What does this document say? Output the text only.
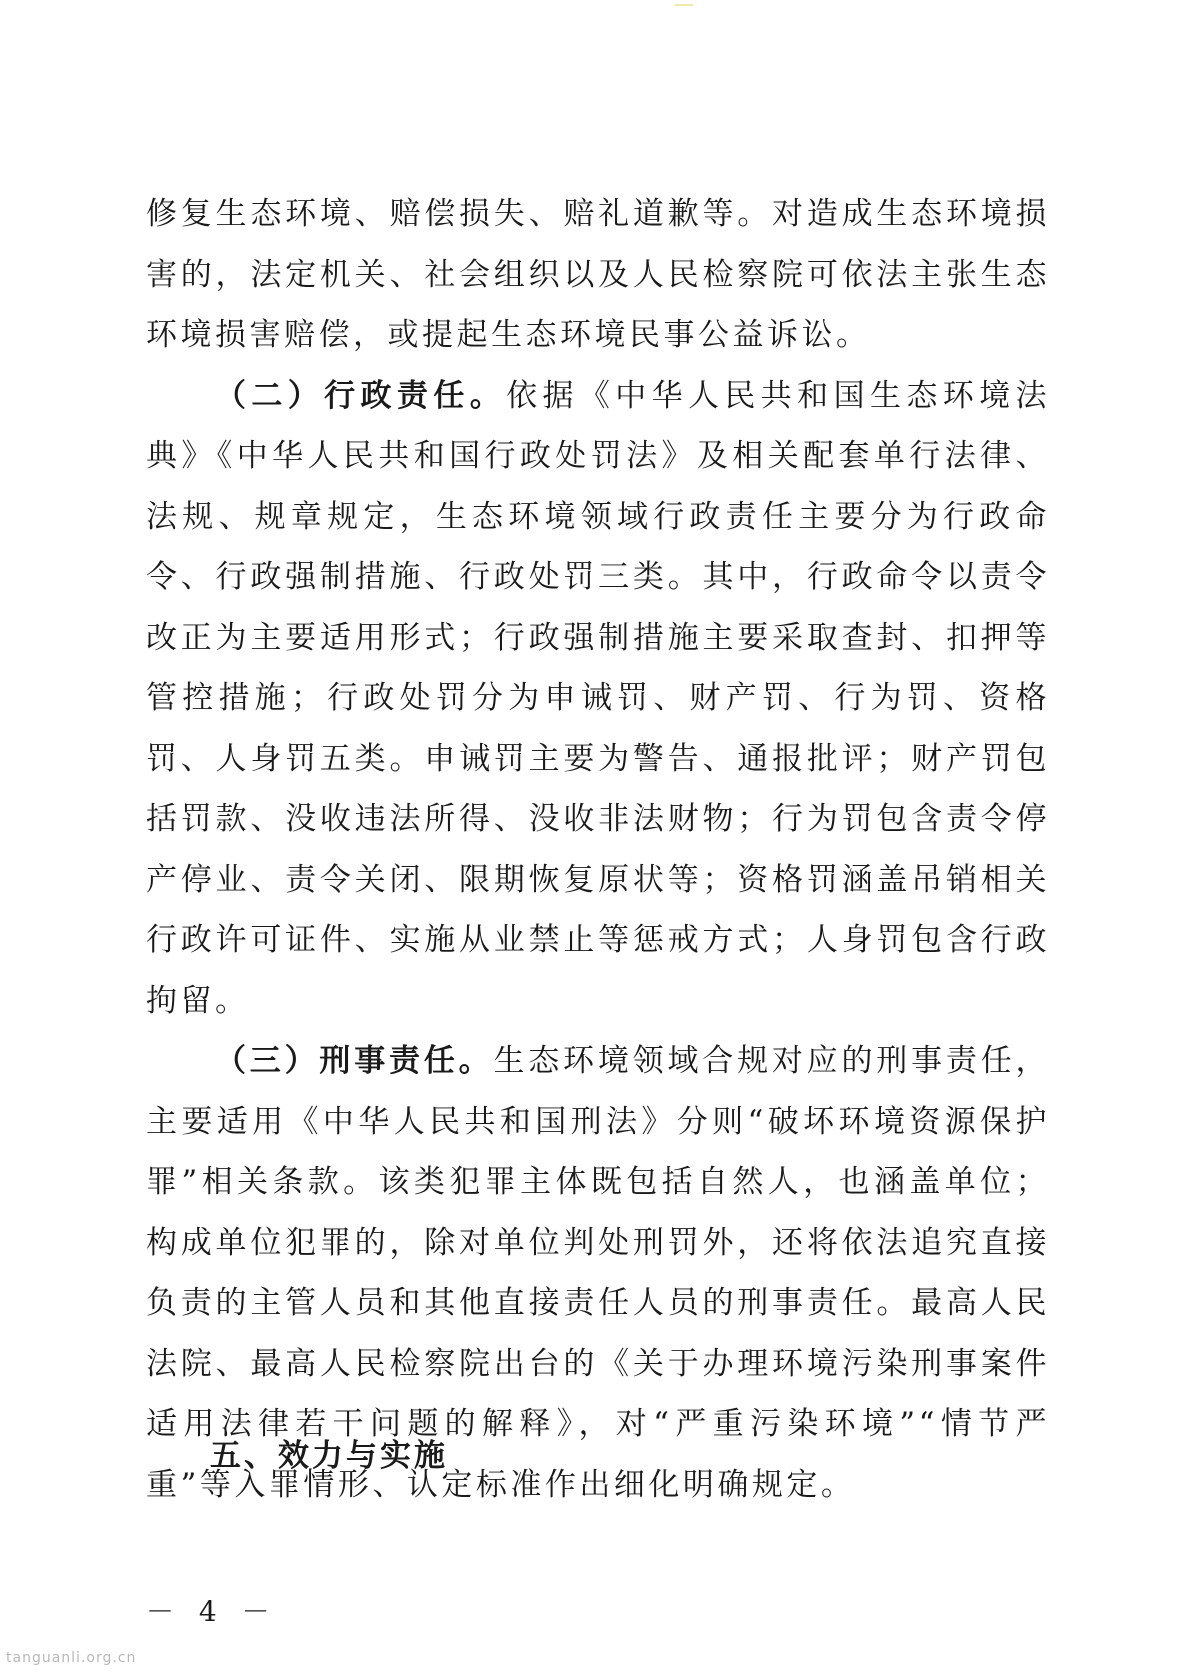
修复生态环境、赔偿损失、赔礼道歉等。对造成生态环境损害的，法定机关、社会组织以及人民检察院可依法主张生态环境损害赔偿，或提起生态环境民事公益诉讼。

（二）行政责任。依据《中华人民共和国生态环境法典》《中华人民共和国行政处罚法》及相关配套单行法律、法规、规章规定，生态环境领域行政责任主要分为行政命令、行政强制措施、行政处罚三类。其中，行政命令以责令改正为主要适用形式；行政强制措施主要采取查封、扣押等管控措施；行政处罚分为申诫罚、财产罚、行为罚、资格罚、人身罚五类。申诫罚主要为警告、通报批评；财产罚包括罚款、没收违法所得、没收非法财物；行为罚包含责令停产停业、责令关闭、限期恢复原状等；资格罚涵盖吊销相关行政许可证件、实施从业禁止等惩戒方式；人身罚包含行政拘留。

（三）刑事责任。生态环境领域合规对应的刑事责任，主要适用《中华人民共和国刑法》分则“破坏环境资源保护罪”相关条款。该类犯罪主体既包括自然人，也涵盖单位；构成单位犯罪的，除对单位判处刑罚外，还将依法追究直接负责的主管人员和其他直接责任人员的刑事责任。最高人民法院、最高人民检察院出台的《关于办理环境污染刑事案件适用法律若干问题的解释》，对“严重污染环境”“情节严重”等入罪情形、认定标准作出细化明确规定。

五、效力与实施
－ 4 －
tanguanli.org.cn
